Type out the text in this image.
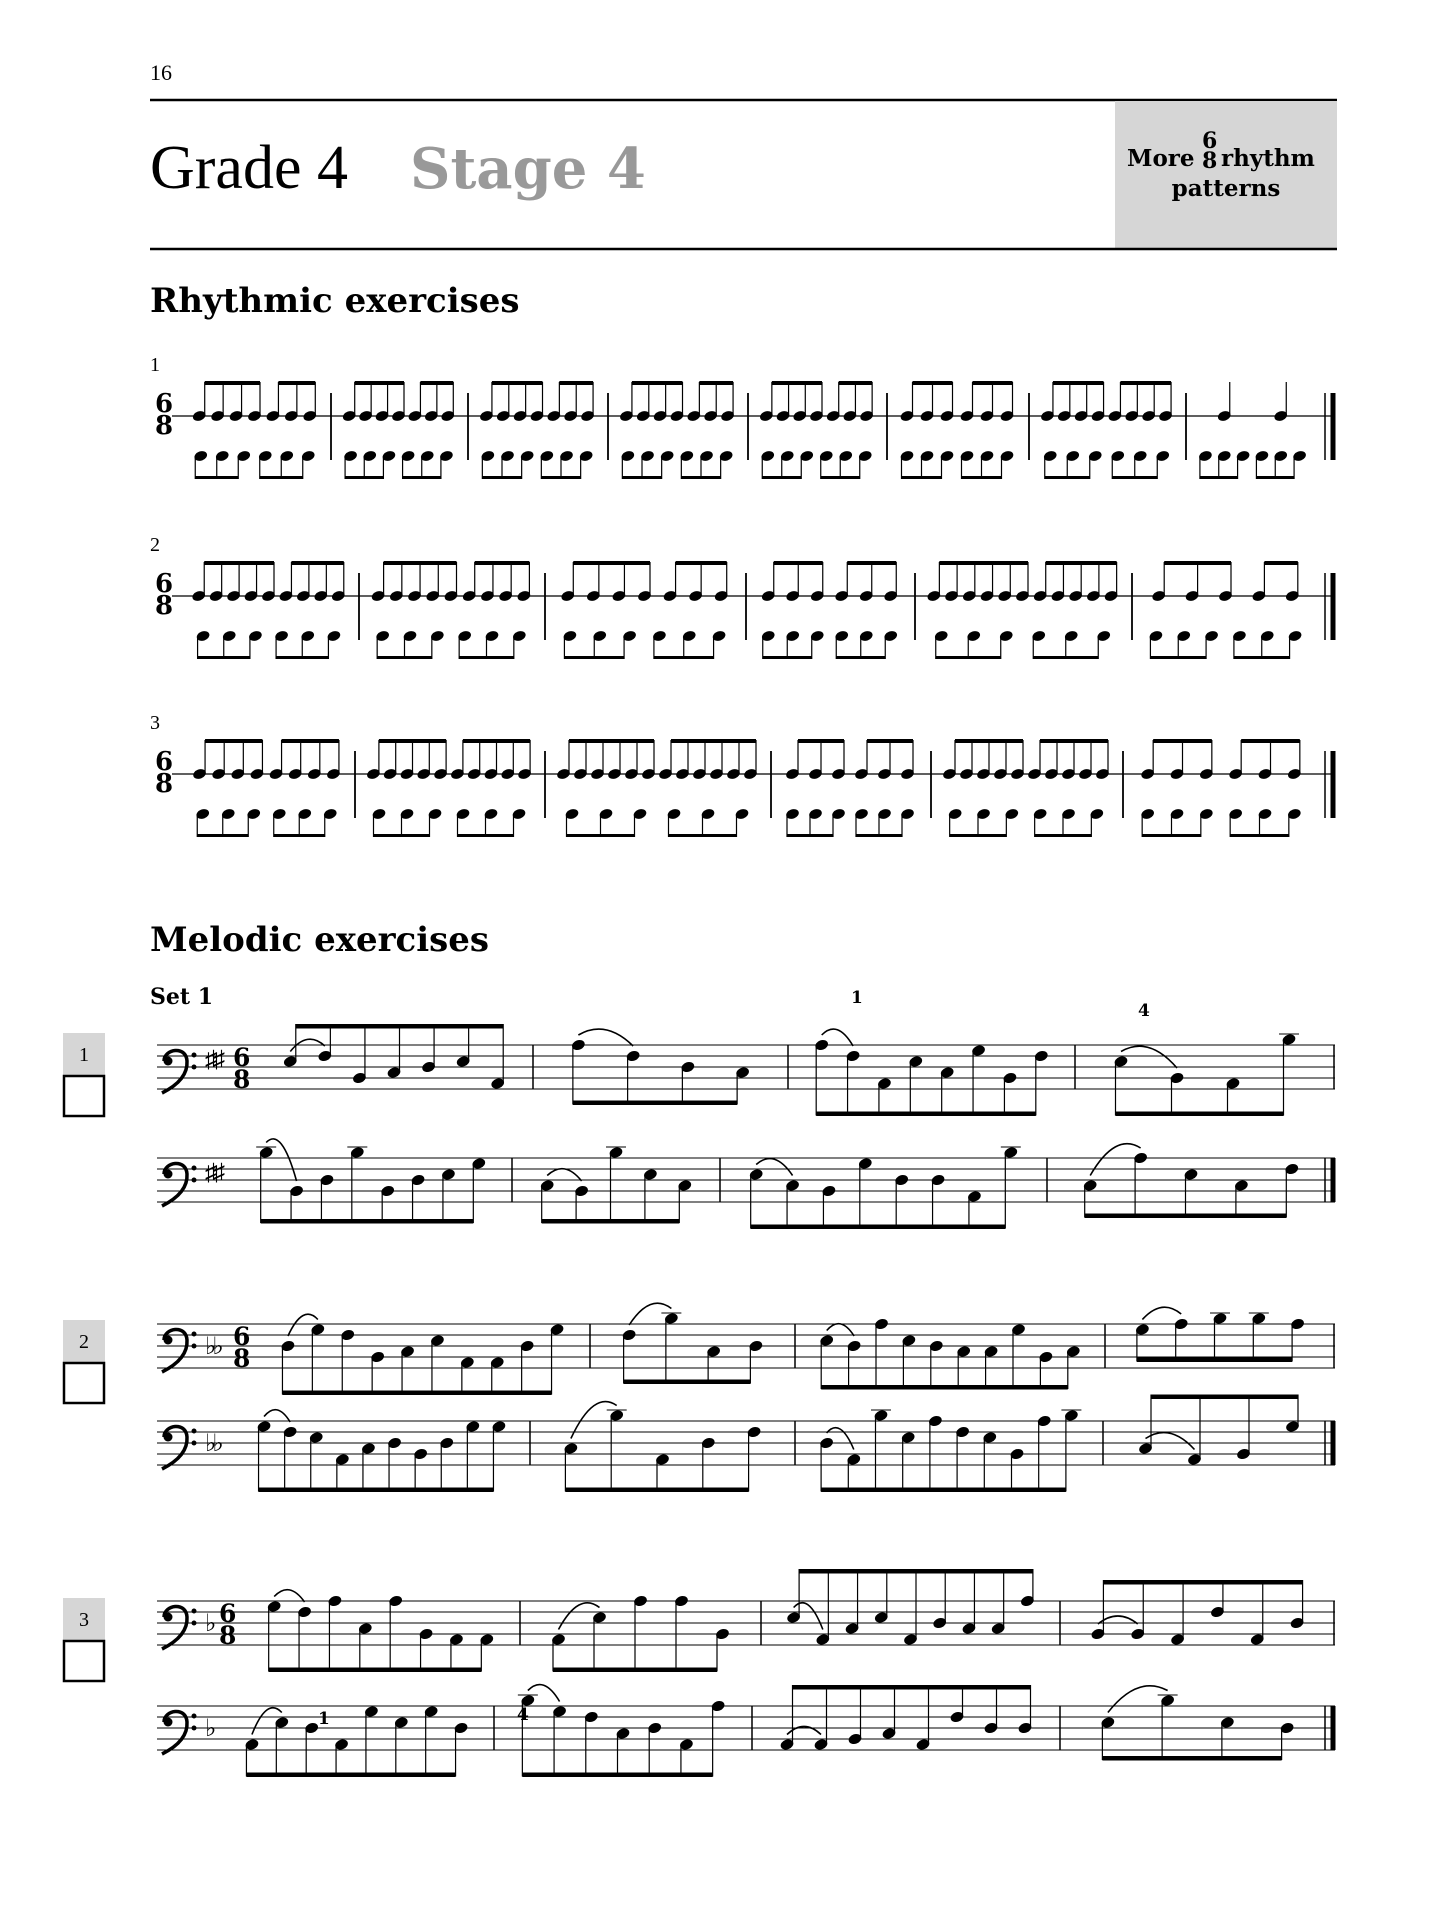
16
More
6
8 rhythm
patterns
Grade 4 Stage 4
Rhythmic exercises
Melodic exercises
Set 1
1
6
8
2
6
8
3
6
8
1	♯♯ 6
8
♯♯
1
4
2	♭♭ 6
8
♭♭
3	♭ 6
8
♭	1	4
